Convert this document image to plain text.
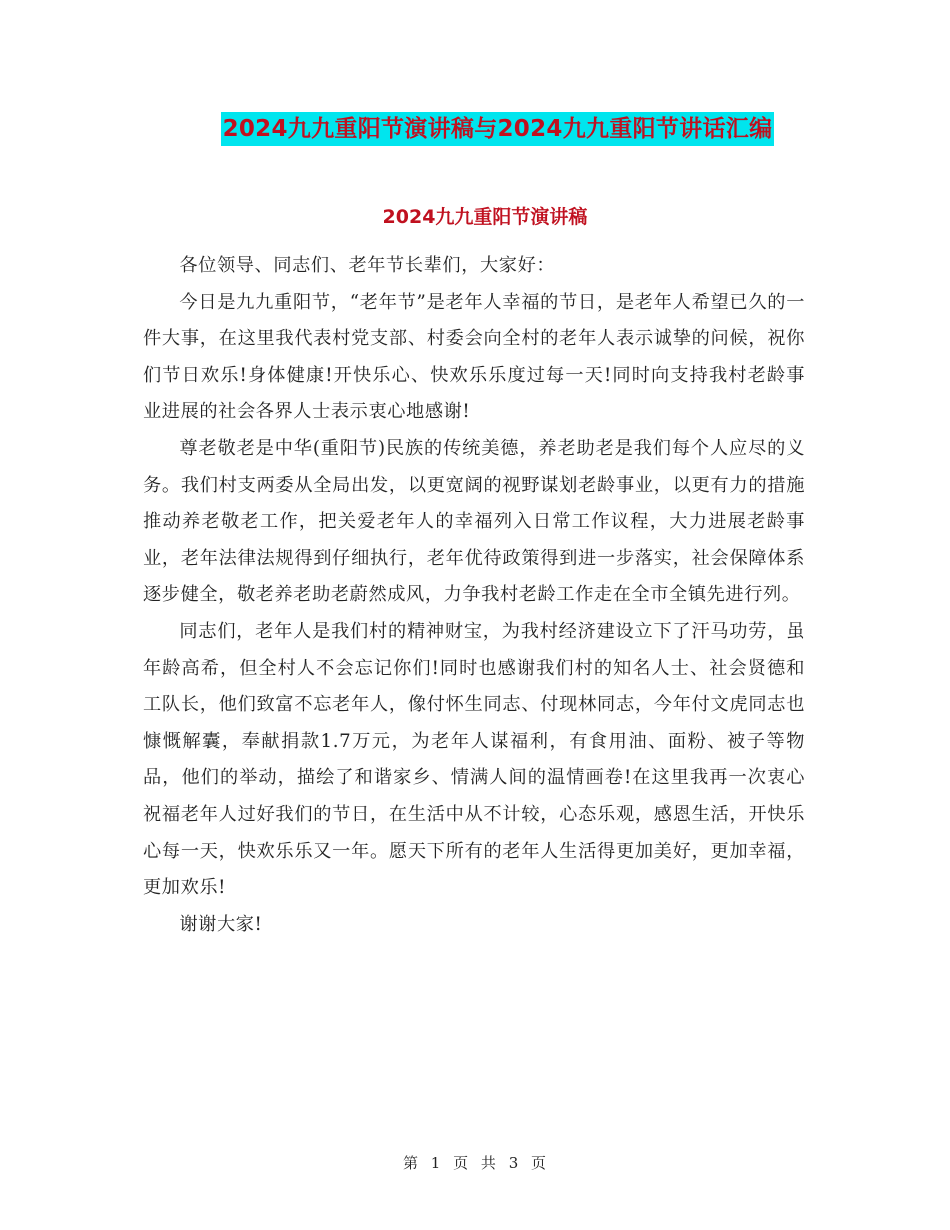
2024九九重阳节演讲稿与2024九九重阳节讲话汇编
2024九九重阳节演讲稿

各位领导、同志们、老年节长辈们，大家好：

今日是九九重阳节，“老年节”是老年人幸福的节日，是老年人希望已久的一件大事，在这里我代表村党支部、村委会向全村的老年人表示诚挚的问候，祝你们节日欢乐!身体健康!开快乐心、快欢乐乐度过每一天!同时向支持我村老龄事业进展的社会各界人士表示衷心地感谢!

尊老敬老是中华(重阳节)民族的传统美德，养老助老是我们每个人应尽的义务。我们村支两委从全局出发，以更宽阔的视野谋划老龄事业，以更有力的措施推动养老敬老工作，把关爱老年人的幸福列入日常工作议程，大力进展老龄事业，老年法律法规得到仔细执行，老年优待政策得到进一步落实，社会保障体系逐步健全，敬老养老助老蔚然成风，力争我村老龄工作走在全市全镇先进行列。

同志们，老年人是我们村的精神财宝，为我村经济建设立下了汗马功劳，虽年龄高希，但全村人不会忘记你们!同时也感谢我们村的知名人士、社会贤德和工队长，他们致富不忘老年人，像付怀生同志、付现林同志，今年付文虎同志也慷慨解囊，奉献捐款1.7万元，为老年人谋福利，有食用油、面粉、被子等物品，他们的举动，描绘了和谐家乡、情满人间的温情画卷!在这里我再一次衷心祝福老年人过好我们的节日，在生活中从不计较，心态乐观，感恩生活，开快乐心每一天，快欢乐乐又一年。愿天下所有的老年人生活得更加美好，更加幸福，更加欢乐!

谢谢大家!

第 1 页 共 3 页
